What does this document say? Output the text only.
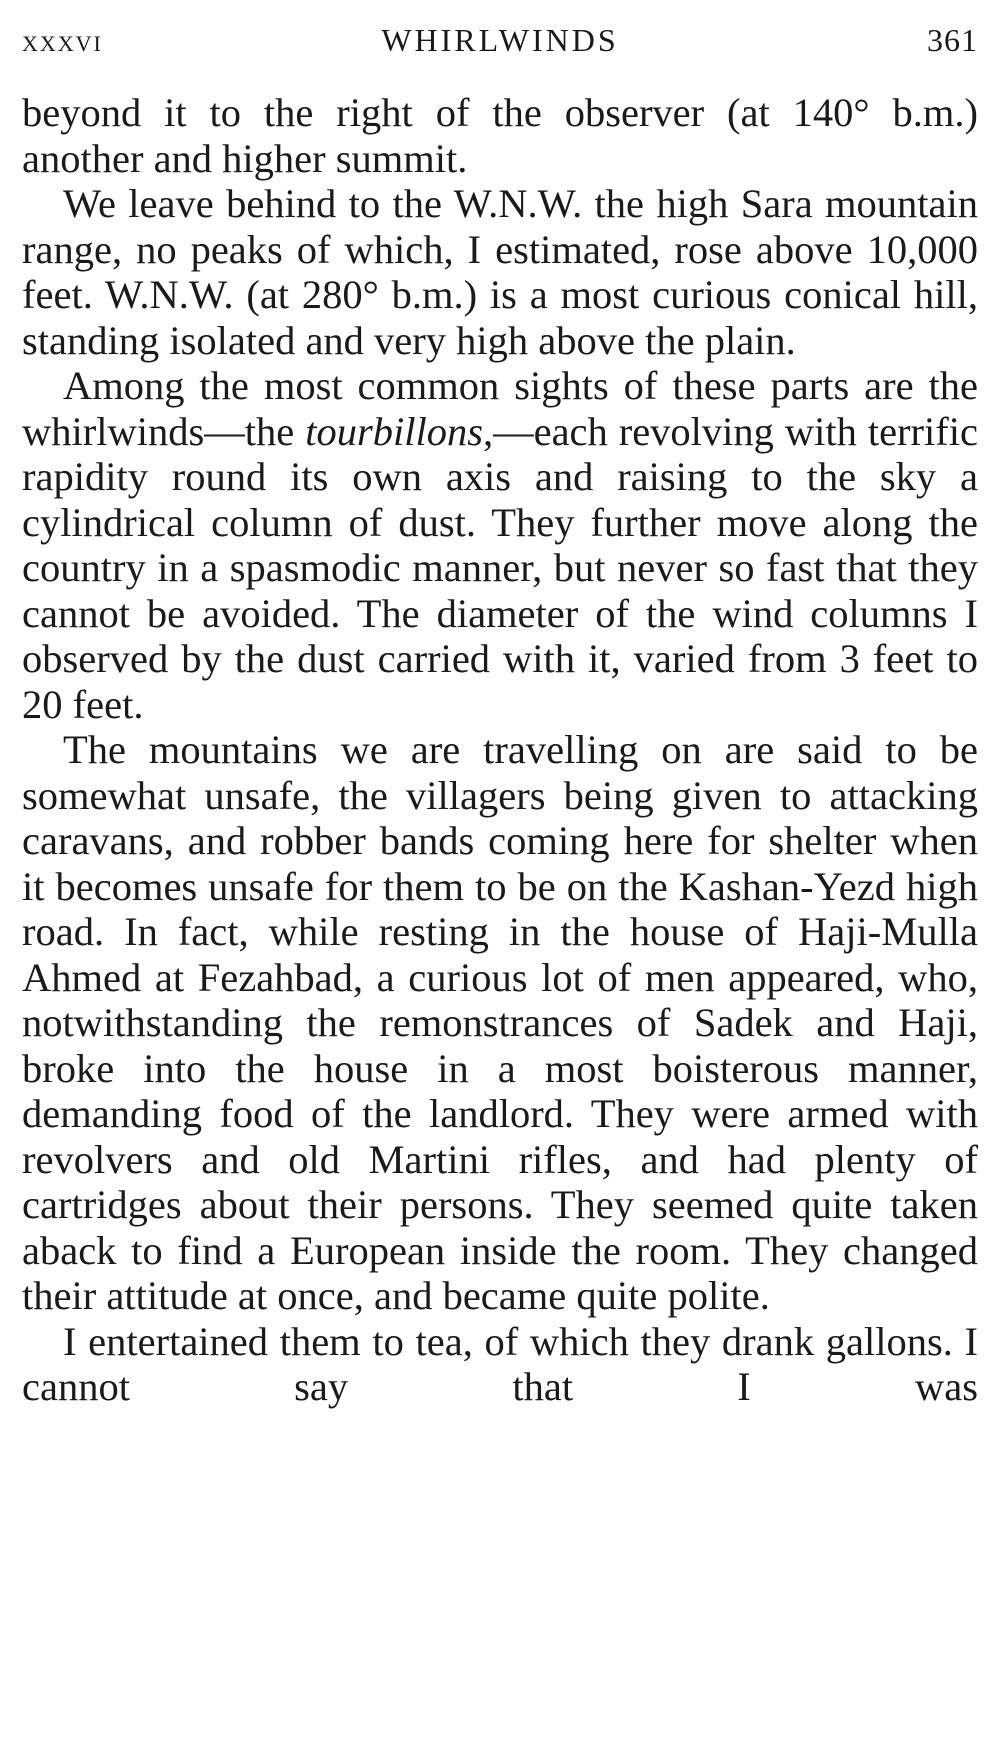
xxxvi	WHIRLWINDS	361

beyond it to the right of the observer (at 140° b.m.) another and higher summit.

We leave behind to the W.N.W. the high Sara mountain range, no peaks of which, I estimated, rose above 10,000 feet. W.N.W. (at 280° b.m.) is a most curious conical hill, standing isolated and very high above the plain.

Among the most common sights of these parts are the whirlwinds—the tourbillons,—each revolving with terrific rapidity round its own axis and raising to the sky a cylindrical column of dust. They further move along the country in a spasmodic manner, but never so fast that they cannot be avoided. The diameter of the wind columns I observed by the dust carried with it, varied from 3 feet to 20 feet.

The mountains we are travelling on are said to be somewhat unsafe, the villagers being given to attacking caravans, and robber bands coming here for shelter when it becomes unsafe for them to be on the Kashan-Yezd high road. In fact, while resting in the house of Haji-Mulla Ahmed at Fezahbad, a curious lot of men appeared, who, notwithstanding the remonstrances of Sadek and Haji, broke into the house in a most boisterous manner, demanding food of the landlord. They were armed with revolvers and old Martini rifles, and had plenty of cartridges about their persons. They seemed quite taken aback to find a European inside the room. They changed their attitude at once, and became quite polite.

I entertained them to tea, of which they drank gallons. I cannot say that I was
